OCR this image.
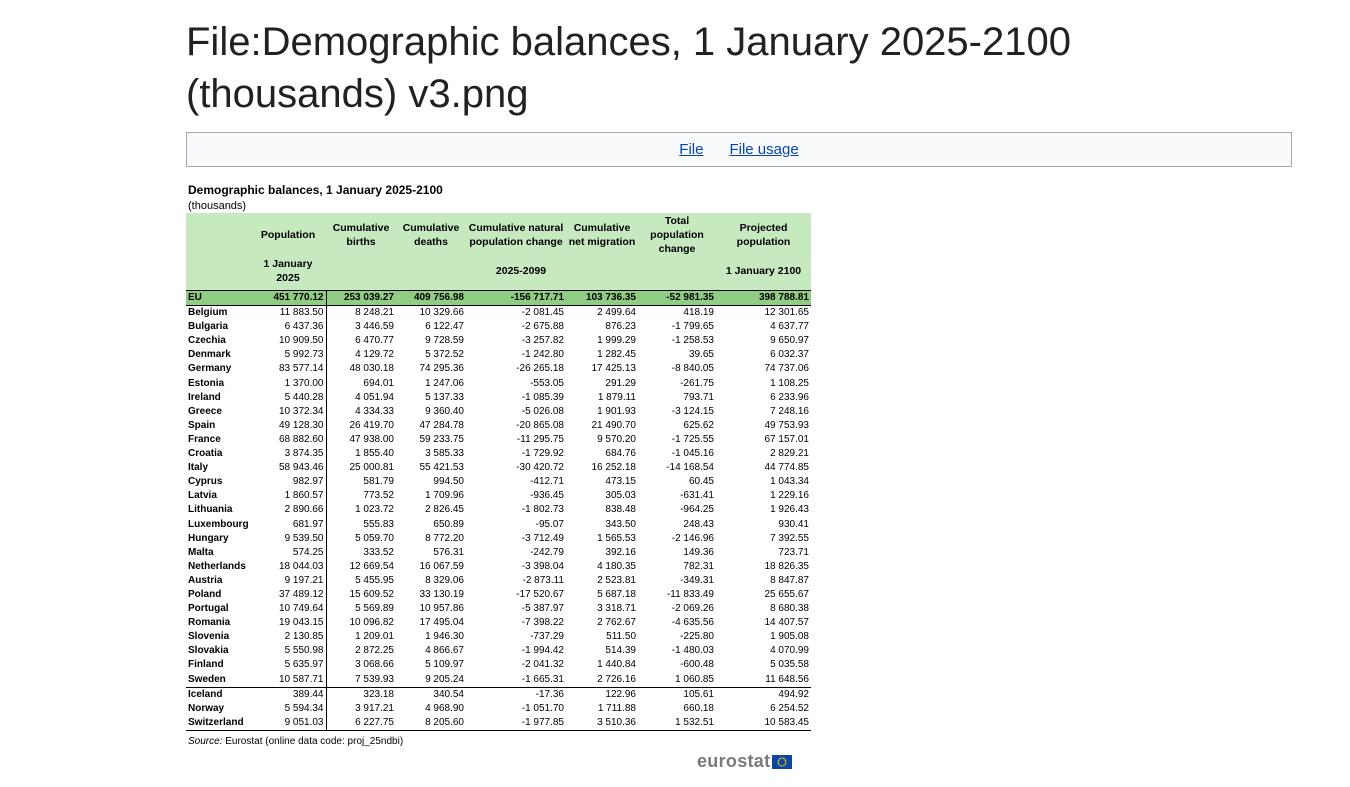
File:Demographic balances, 1 January 2025-2100 (thousands) v3.png
File File usage
Demographic balances, 1 January 2025-2100
(thousands)
	Population	Cumulative births	Cumulative deaths	Cumulative natural population change	Cumulative net migration	Total population change	Projected population
	1 January 2025	2025-2099					1 January 2100

EU	451 770.12	253 039.27	409 756.98	-156 717.71	103 736.35	-52 981.35	398 788.81
Belgium	11 883.50	8 248.21	10 329.66	-2 081.45	2 499.64	418.19	12 301.65
Bulgaria	6 437.36	3 446.59	6 122.47	-2 675.88	876.23	-1 799.65	4 637.77
Czechia	10 909.50	6 470.77	9 728.59	-3 257.82	1 999.29	-1 258.53	9 650.97
Denmark	5 992.73	4 129.72	5 372.52	-1 242.80	1 282.45	39.65	6 032.37
Germany	83 577.14	48 030.18	74 295.36	-26 265.18	17 425.13	-8 840.05	74 737.06
Estonia	1 370.00	694.01	1 247.06	-553.05	291.29	-261.75	1 108.25
Ireland	5 440.28	4 051.94	5 137.33	-1 085.39	1 879.11	793.71	6 233.96
Greece	10 372.34	4 334.33	9 360.40	-5 026.08	1 901.93	-3 124.15	7 248.16
Spain	49 128.30	26 419.70	47 284.78	-20 865.08	21 490.70	625.62	49 753.93
France	68 882.60	47 938.00	59 233.75	-11 295.75	9 570.20	-1 725.55	67 157.01
Croatia	3 874.35	1 855.40	3 585.33	-1 729.92	684.76	-1 045.16	2 829.21
Italy	58 943.46	25 000.81	55 421.53	-30 420.72	16 252.18	-14 168.54	44 774.85
Cyprus	982.97	581.79	994.50	-412.71	473.15	60.45	1 043.34
Latvia	1 860.57	773.52	1 709.96	-936.45	305.03	-631.41	1 229.16
Lithuania	2 890.66	1 023.72	2 826.45	-1 802.73	838.48	-964.25	1 926.43
Luxembourg	681.97	555.83	650.89	-95.07	343.50	248.43	930.41
Hungary	9 539.50	5 059.70	8 772.20	-3 712.49	1 565.53	-2 146.96	7 392.55
Malta	574.25	333.52	576.31	-242.79	392.16	149.36	723.71
Netherlands	18 044.03	12 669.54	16 067.59	-3 398.04	4 180.35	782.31	18 826.35
Austria	9 197.21	5 455.95	8 329.06	-2 873.11	2 523.81	-349.31	8 847.87
Poland	37 489.12	15 609.52	33 130.19	-17 520.67	5 687.18	-11 833.49	25 655.67
Portugal	10 749.64	5 569.89	10 957.86	-5 387.97	3 318.71	-2 069.26	8 680.38
Romania	19 043.15	10 096.82	17 495.04	-7 398.22	2 762.67	-4 635.56	14 407.57
Slovenia	2 130.85	1 209.01	1 946.30	-737.29	511.50	-225.80	1 905.08
Slovakia	5 550.98	2 872.25	4 866.67	-1 994.42	514.39	-1 480.03	4 070.99
Finland	5 635.97	3 068.66	5 109.97	-2 041.32	1 440.84	-600.48	5 035.58
Sweden	10 587.71	7 539.93	9 205.24	-1 665.31	2 726.16	1 060.85	11 648.56
Iceland	389.44	323.18	340.54	-17.36	122.96	105.61	494.92
Norway	5 594.34	3 917.21	4 968.90	-1 051.70	1 711.88	660.18	6 254.52
Switzerland	9 051.03	6 227.75	8 205.60	-1 977.85	3 510.36	1 532.51	10 583.45
Source: Eurostat (online data code: proj_25ndbi)
eurostat
